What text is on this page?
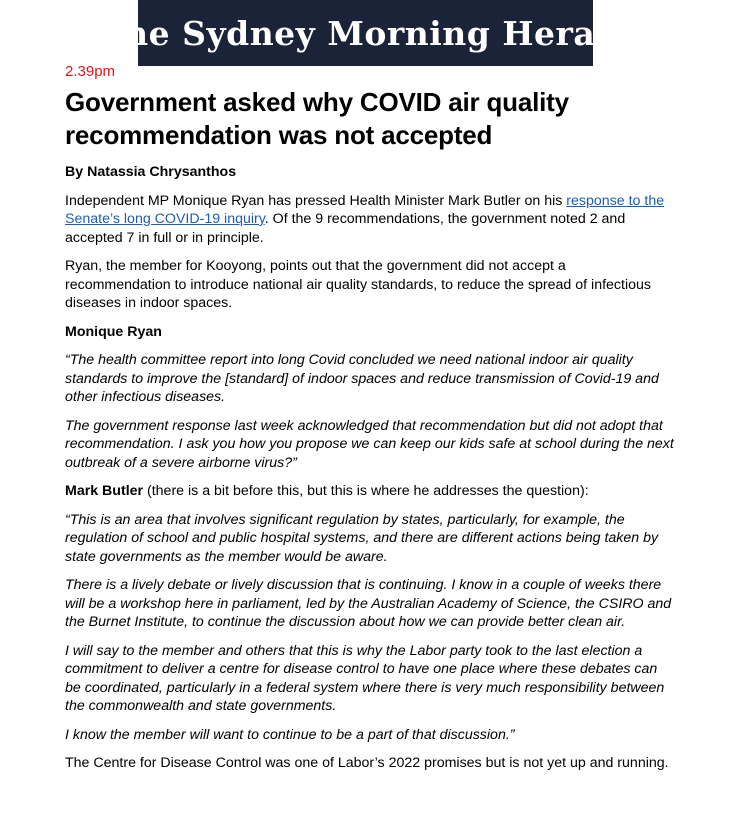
The Sydney Morning Herald
2.39pm
Government asked why COVID air quality recommendation was not accepted

By Natassia Chrysanthos

Independent MP Monique Ryan has pressed Health Minister Mark Butler on his response to the Senate’s long COVID-19 inquiry. Of the 9 recommendations, the government noted 2 and accepted 7 in full or in principle.

Ryan, the member for Kooyong, points out that the government did not accept a recommendation to introduce national air quality standards, to reduce the spread of infectious diseases in indoor spaces.

Monique Ryan

“The health committee report into long Covid concluded we need national indoor air quality standards to improve the [standard] of indoor spaces and reduce transmission of Covid-19 and other infectious diseases.

The government response last week acknowledged that recommendation but did not adopt that recommendation. I ask you how you propose we can keep our kids safe at school during the next outbreak of a severe airborne virus?”

Mark Butler (there is a bit before this, but this is where he addresses the question):

“This is an area that involves significant regulation by states, particularly, for example, the regulation of school and public hospital systems, and there are different actions being taken by state governments as the member would be aware.

There is a lively debate or lively discussion that is continuing. I know in a couple of weeks there will be a workshop here in parliament, led by the Australian Academy of Science, the CSIRO and the Burnet Institute, to continue the discussion about how we can provide better clean air.

I will say to the member and others that this is why the Labor party took to the last election a commitment to deliver a centre for disease control to have one place where these debates can be coordinated, particularly in a federal system where there is very much responsibility between the commonwealth and state governments.

I know the member will want to continue to be a part of that discussion.”

The Centre for Disease Control was one of Labor’s 2022 promises but is not yet up and running.
